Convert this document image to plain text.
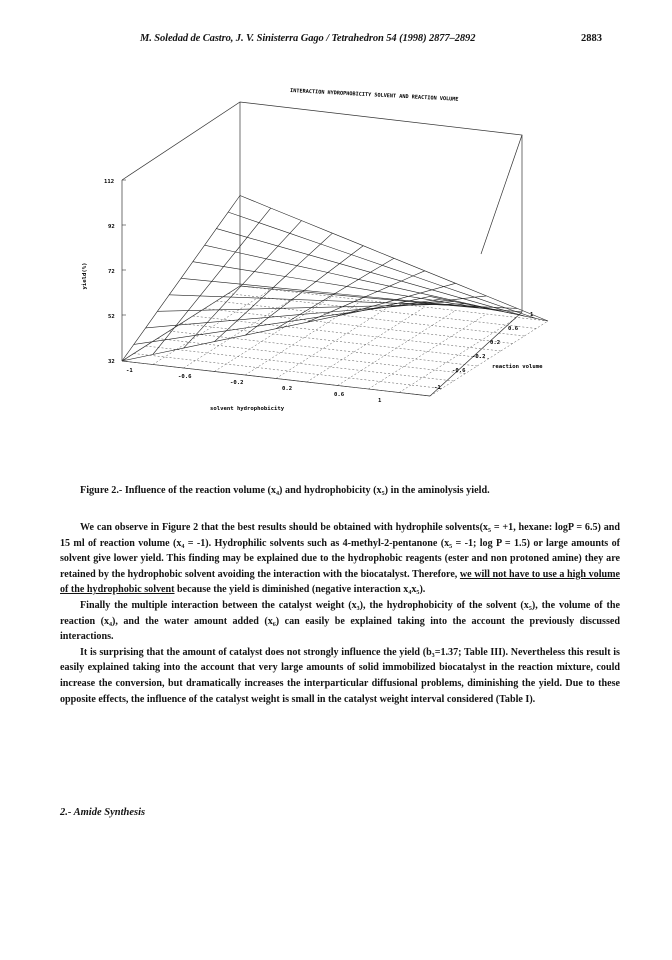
M. Soledad de Castro, J. V. Sinisterra Gago / Tetrahedron 54 (1998) 2877–2892	2883
INTERACTION HYDROPHOBICITY SOLVENT AND REACTION VOLUME
112
92
72
52
32
yield(%)
-1
-0.6
-0.2
0.2
0.6
1
solvent hydrophobicity
1
0.6
0.2
-0.2
-0.6
-1
reaction volume
Figure 2.- Influence of the reaction volume (x₄) and hydrophobicity (x₅) in the aminolysis yield.

We can observe in Figure 2 that the best results should be obtained with hydrophile solvents(x₅ = +1, hexane: logP = 6.5) and 15 ml of reaction volume (x₄ = -1). Hydrophilic solvents such as 4-methyl-2-pentanone (x₅ = -1; log P = 1.5) or large amounts of solvent give lower yield. This finding may be explained due to the hydrophobic reagents (ester and non protoned amine) they are retained by the hydrophobic solvent avoiding the interaction with the biocatalyst. Therefore, we will not have to use a high volume of the hydrophobic solvent because the yield is diminished (negative interaction x₄x₅).

Finally the multiple interaction between the catalyst weight (x₃), the hydrophobicity of the solvent (x₅), the volume of the reaction (x₄), and the water amount added (x₆) can easily be explained taking into the account the previously discussed interactions.

It is surprising that the amount of catalyst does not strongly influence the yield (b₃=1.37; Table III). Nevertheless this result is easily explained taking into the account that very large amounts of solid immobilized biocatalyst in the reaction mixture, could increase the conversion, but dramatically increases the interparticular diffusional problems, diminishing the yield. Due to these opposite effects, the influence of the catalyst weight is small in the catalyst weight interval considered (Table I).

2.- Amide Synthesis
